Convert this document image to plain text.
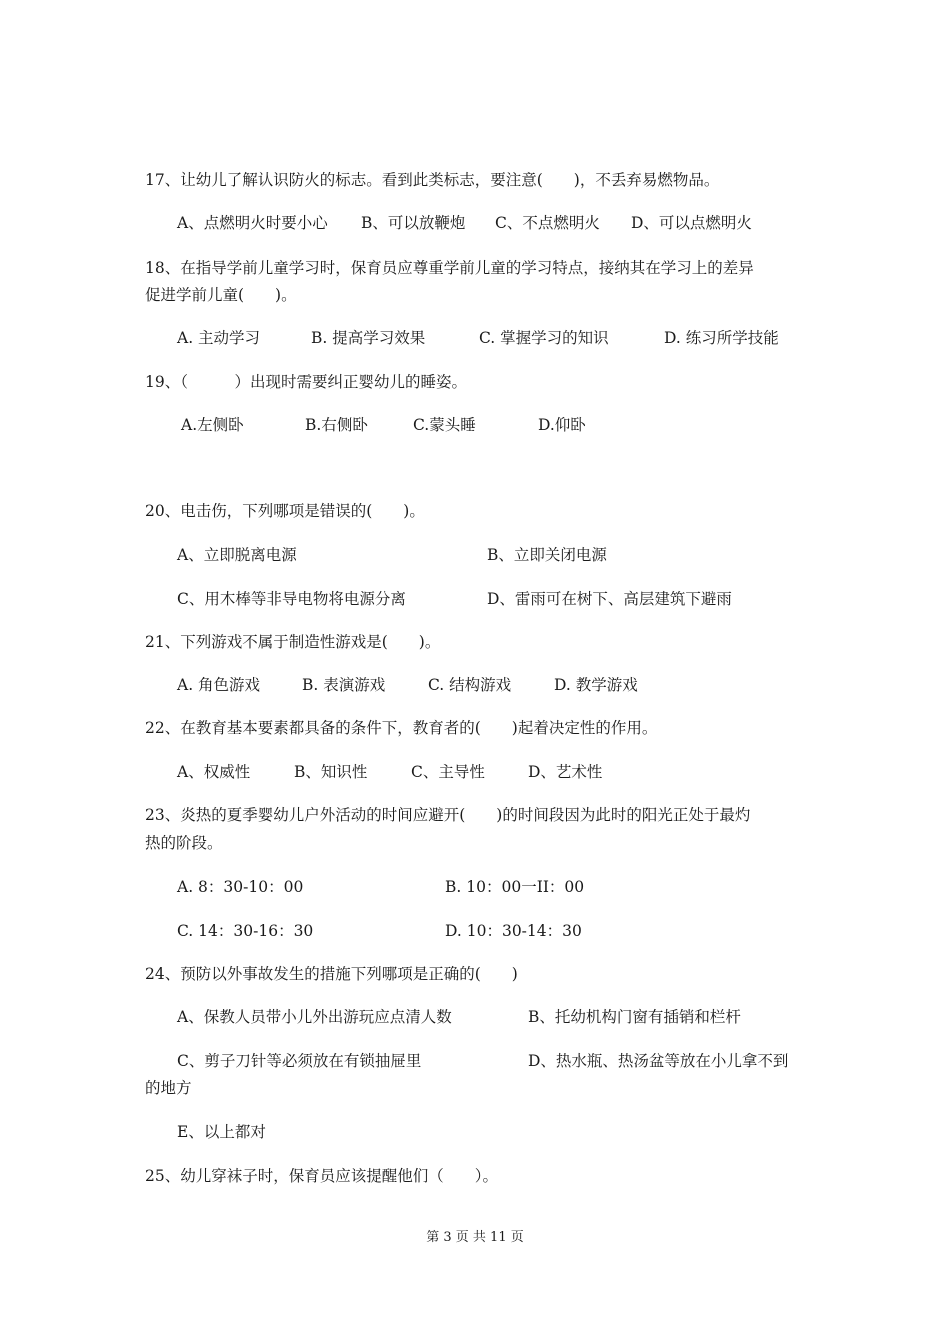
17、让幼儿了解认识防火的标志。看到此类标志，要注意(　　)，不丢弃易燃物品。
A、点燃明火时要小心 B、可以放鞭炮 C、不点燃明火 D、可以点燃明火
18、在指导学前儿童学习时，保育员应尊重学前儿童的学习特点，接纳其在学习上的差异
促进学前儿童(　　)。
A. 主动学习	B. 提高学习效果	C. 掌握学习的知识	D. 练习所学技能
19、（　　　）出现时需要纠正婴幼儿的睡姿。
A.左侧卧	B.右侧卧	C.蒙头睡	D.仰卧
20、电击伤，下列哪项是错误的(　　)。
A、立即脱离电源	B、立即关闭电源
C、用木棒等非导电物将电源分离	D、雷雨可在树下、高层建筑下避雨
21、下列游戏不属于制造性游戏是(　　)。
A. 角色游戏	B. 表演游戏	C. 结构游戏	D. 教学游戏
22、在教育基本要素都具备的条件下，教育者的(　　)起着决定性的作用。
A、权威性	B、知识性	C、主导性	D、艺术性
23、炎热的夏季婴幼儿户外活动的时间应避开(　　)的时间段因为此时的阳光正处于最灼
热的阶段。
A. 8：30-10：00	B. 10：00一II：00
C. 14：30-16：30	D. 10：30-14：30
24、预防以外事故发生的措施下列哪项是正确的(　　)
A、保教人员带小儿外出游玩应点清人数	B、托幼机构门窗有插销和栏杆
C、剪子刀针等必须放在有锁抽屉里	D、热水瓶、热汤盆等放在小儿拿不到
的地方
E、以上都对
25、幼儿穿袜子时，保育员应该提醒他们（　　）。
第 3 页 共 11 页
